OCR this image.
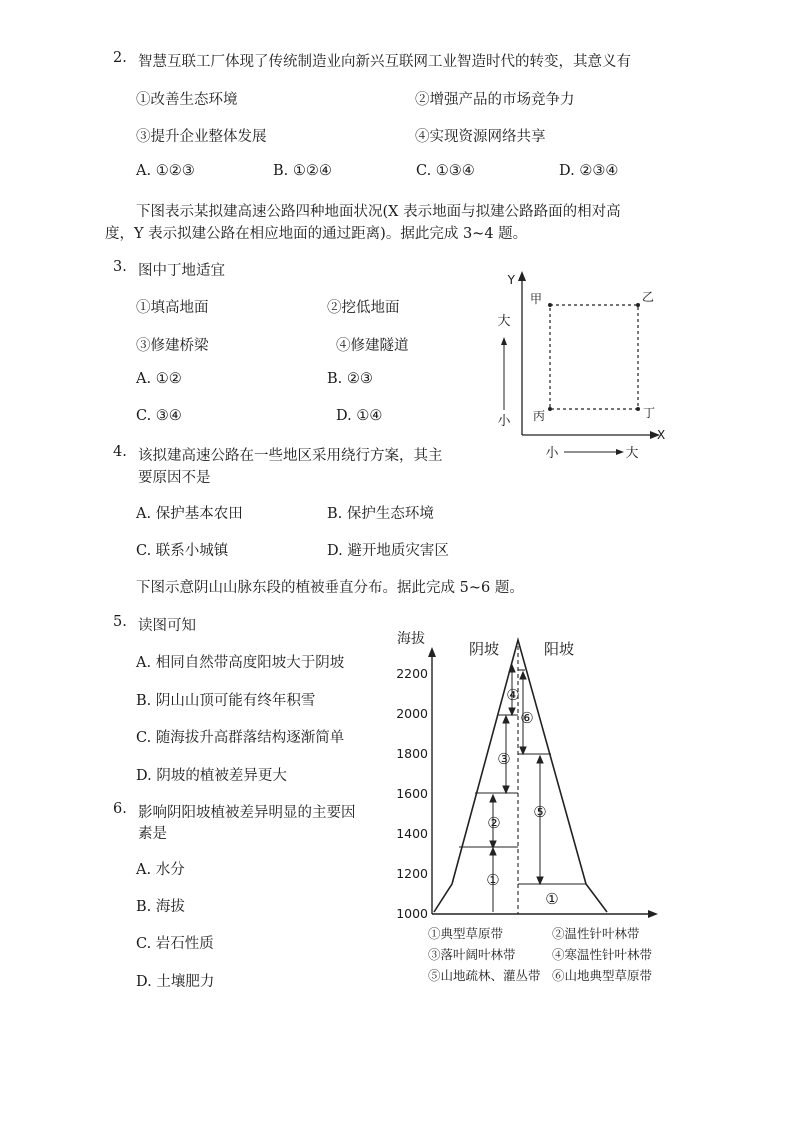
2. 智慧互联工厂体现了传统制造业向新兴互联网工业智造时代的转变，其意义有
①改善生态环境	②增强产品的市场竞争力
③提升企业整体发展	④实现资源网络共享
A. ①②③	B. ①②④	C. ①③④	D. ②③④
下图表示某拟建高速公路四种地面状况(X 表示地面与拟建公路路面的相对高
度，Y 表示拟建公路在相应地面的通过距离)。据此完成 3~4 题。
3. 图中丁地适宜
①填高地面	②挖低地面
③修建桥梁	④修建隧道
A. ①②	B. ②③
C. ③④	D. ①④
Y
X
大
小
小	大
甲	乙
丙	丁
4. 该拟建高速公路在一些地区采用绕行方案，其主
要原因不是
A. 保护基本农田	B. 保护生态环境
C. 联系小城镇	D. 避开地质灾害区
下图示意阴山山脉东段的植被垂直分布。据此完成 5~6 题。
5. 读图可知
A. 相同自然带高度阳坡大于阴坡
B. 阴山山顶可能有终年积雪
C. 随海拔升高群落结构逐渐简单
D. 阴坡的植被差异更大
6. 影响阴阳坡植被差异明显的主要因
素是
A. 水分
B. 海拔
C. 岩石性质
D. 土壤肥力
海拔
阴坡	阳坡
2200
2000
1800
1600
1400
1200
1000
④
③
②
①
⑥
⑤
①
①典型草原带	②温性针叶林带
③落叶阔叶林带	④寒温性针叶林带
⑤山地疏林、灌丛带 ⑥山地典型草原带
